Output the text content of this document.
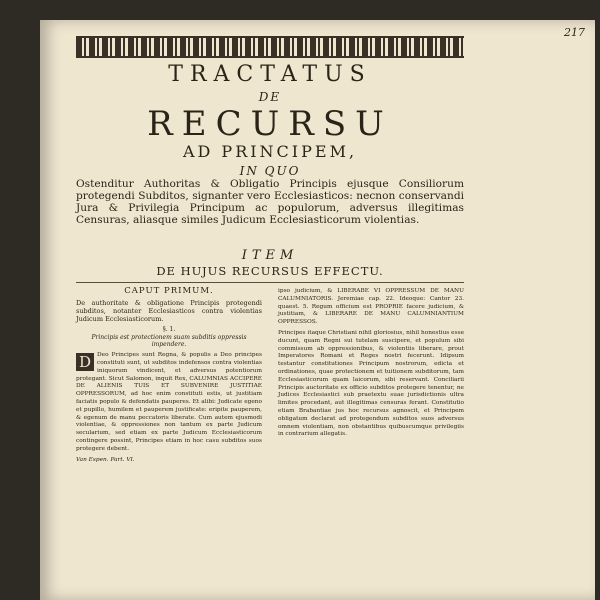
217
TRACTATUS
DE
RECURSU
AD PRINCIPEM,
IN QUO
Ostenditur Authoritas & Obligatio Principis ejusque Consiliorum protegendi Subditos, signanter vero Ecclesiasticos: necnon conservandi Jura & Privilegia Principum ac populorum, adversus illegitimas Censuras, aliasque similes Judicum Ecclesiasticorum violentias.
ITEM
DE HUJUS RECURSUS EFFECTU.
CAPUT PRIMUM.
De authoritate & obligatione Principis protegendi subditos, notanter Ecclesiasticos contra violentias Judicum Ecclesiasticorum.
§. 1.
Principis est protectionem suam subditis oppressis impendere.
D	Deo Principes sunt Regna, & populis a Deo principes constituti sunt, ut subditos indefensos contra violentias iniquorum vindicent, et adversus potentiorum protegant. Sicut Salomon, inquit Rex, CALUMNIAS ACCIPERE DE ALIENIS TUIS ET SUBVENIRE JUSTITIAE OPPRESSORUM, ad hoc enim constituti estis, ut justitiam faciatis populo & defendatis pauperes. Et alibi: Judicate egeno et pupillo, humilem et pauperem justificate: eripite pauperem, & egenum de manu peccatoris liberate. Cum autem ejusmodi violentiae, & oppressiones non tantum ex parte Judicum secularium, sed etiam ex parte Judicum Ecclesiasticorum contingere possint, Principes etiam in hoc casu subditos suos protegere debent.
Van Espen. Part. VI.
ipso judicium, & LIBERABE VI OPPRESSUM DE MANU CALUMNIATORIS. Jeremiae cap. 22. Ideoque: Cantor 23. quaest. 5. Regum officium est PROPRIE facere judicium, & justitiam, & LIBERARE DE MANU CALUMNIANTIUM OPPRESSOS.
Principes itaque Christiani nihil gloriosius, nihil honestius esse ducunt, quam Regni sui tutelam suscipere, et populum sibi commissum ab oppressionibus, & violentiis liberare, prout Imperatores Romani et Reges nostri fecerunt. Idipsum testantur constitutiones Principum nostrorum, edicta et ordinationes, quae protectionem et tuitionem subditorum, tam Ecclesiasticorum quam laicorum, sibi reservant. Conciliarii Principis auctoritate ex officio subditos protegere tenentur, ne Judices Ecclesiastici sub praetextu suae jurisdictionis ultra limites procedant, aut illegitimas censuras ferant. Constitutio etiam Brabantiae jus hoc recursus agnoscit, et Principem obligatum declarat ad protegendum subditos suos adversus omnem violentiam, non obstantibus quibuscumque privilegiis in contrarium allegatis.
